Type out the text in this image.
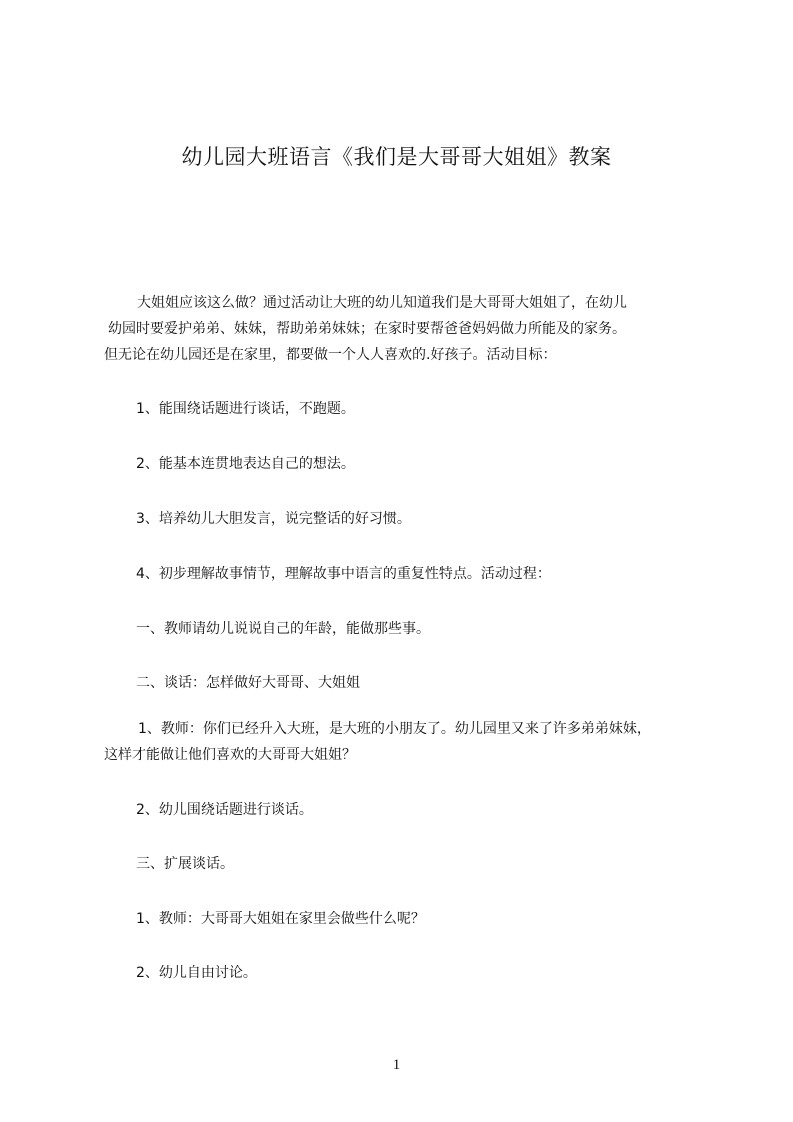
幼儿园大班语言《我们是大哥哥大姐姐》教案
大姐姐应该这么做？通过活动让大班的幼儿知道我们是大哥哥大姐姐了，在幼儿
幼园时要爱护弟弟、妹妹，帮助弟弟妹妹；在家时要帮爸爸妈妈做力所能及的家务。
但无论在幼儿园还是在家里，都要做一个人人喜欢的.好孩子。活动目标：
1、能围绕话题进行谈话，不跑题。
2、能基本连贯地表达自己的想法。
3、培养幼儿大胆发言，说完整话的好习惯。
4、初步理解故事情节，理解故事中语言的重复性特点。活动过程：
一、教师请幼儿说说自己的年龄，能做那些事。
二、谈话：怎样做好大哥哥、大姐姐
1、教师：你们已经升入大班，是大班的小朋友了。幼儿园里又来了许多弟弟妹妹，
这样才能做让他们喜欢的大哥哥大姐姐？
2、幼儿围绕话题进行谈话。
三、扩展谈话。
1、教师：大哥哥大姐姐在家里会做些什么呢？
2、幼儿自由讨论。
1
